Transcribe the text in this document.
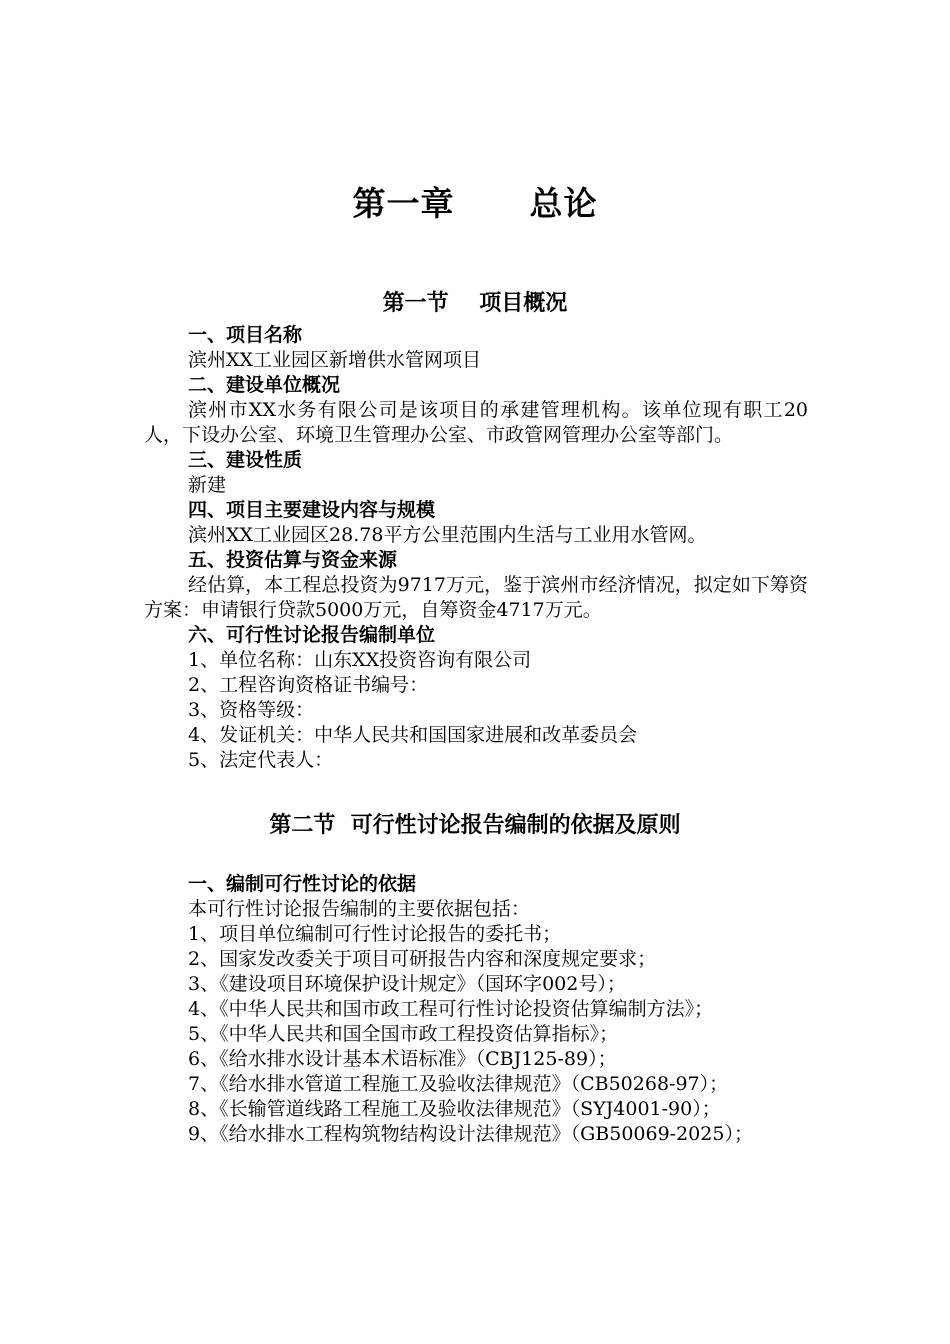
第一章      总论
第一节    项目概况
一、项目名称
滨州XX工业园区新增供水管网项目
二、建设单位概况
滨州市XX水务有限公司是该项目的承建管理机构。该单位现有职工20人，下设办公室、环境卫生管理办公室、市政管网管理办公室等部门。
三、建设性质
新建
四、项目主要建设内容与规模
滨州XX工业园区28.78平方公里范围内生活与工业用水管网。
五、投资估算与资金来源
经估算，本工程总投资为9717万元，鉴于滨州市经济情况，拟定如下筹资方案：申请银行贷款5000万元，自筹资金4717万元。
六、可行性讨论报告编制单位
1、单位名称：山东XX投资咨询有限公司
2、工程咨询资格证书编号：
3、资格等级：
4、发证机关：中华人民共和国国家进展和改革委员会
5、法定代表人：
第二节  可行性讨论报告编制的依据及原则
一、编制可行性讨论的依据
本可行性讨论报告编制的主要依据包括：
1、项目单位编制可行性讨论报告的委托书；
2、国家发改委关于项目可研报告内容和深度规定要求；
3、《建设项目环境保护设计规定》（国环字002号）；
4、《中华人民共和国市政工程可行性讨论投资估算编制方法》；
5、《中华人民共和国全国市政工程投资估算指标》；
6、《给水排水设计基本术语标准》（CBJ125-89）；
7、《给水排水管道工程施工及验收法律规范》（CB50268-97）；
8、《长输管道线路工程施工及验收法律规范》（SYJ4001-90）；
9、《给水排水工程构筑物结构设计法律规范》（GB50069-2025）；
